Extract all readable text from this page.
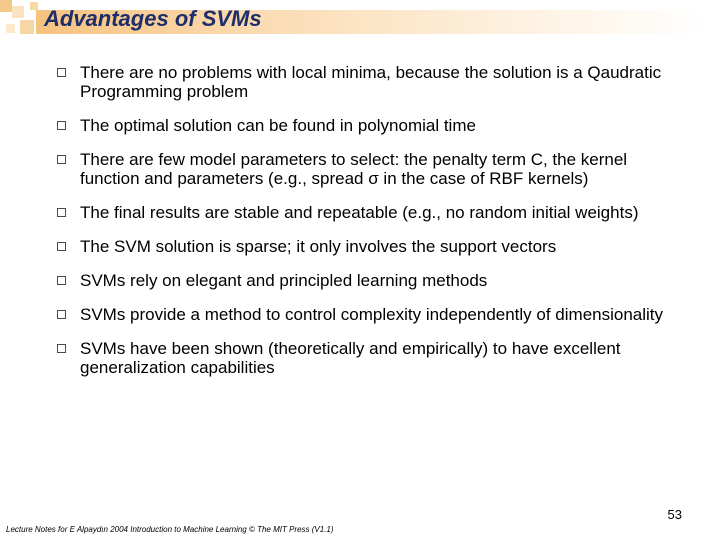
Advantages of SVMs
There are no problems with local minima, because the solution is a Qaudratic Programming problem
The optimal solution can be found in polynomial time
There are few model parameters to select: the penalty term C, the kernel function and parameters (e.g., spread σ in the case of RBF kernels)
The final results are stable and repeatable (e.g., no random initial weights)
The SVM solution is sparse; it only involves the support vectors
SVMs rely on elegant and principled learning methods
SVMs provide a method to control complexity independently of dimensionality
SVMs have been shown (theoretically and empirically) to have excellent generalization capabilities
53
Lecture Notes for E Alpaydın 2004 Introduction to Machine Learning © The MIT Press (V1.1)
